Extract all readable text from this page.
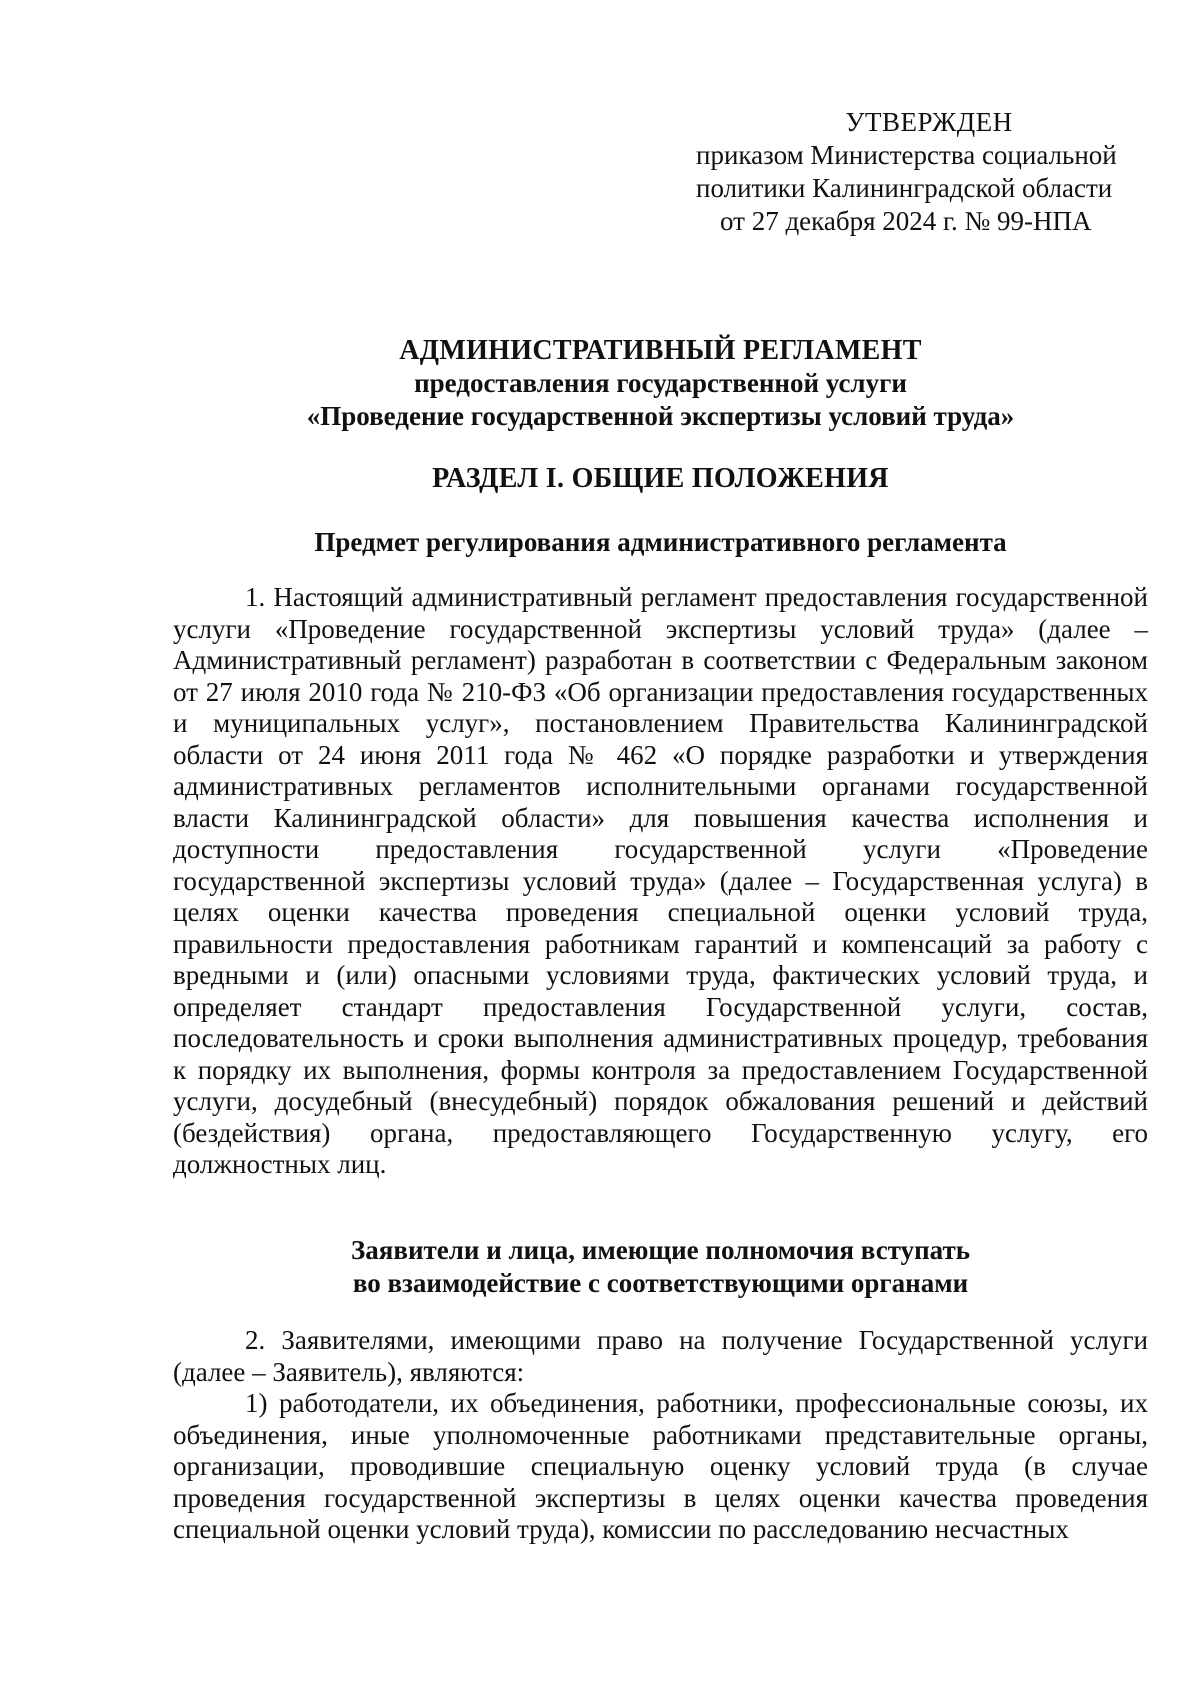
УТВЕРЖДЕН

приказом Министерства социальной

политики Калининградской области

от 27 декабря 2024 г. № 99-НПА

АДМИНИСТРАТИВНЫЙ РЕГЛАМЕНТ

предоставления государственной услуги

«Проведение государственной экспертизы условий труда»

РАЗДЕЛ I. ОБЩИЕ ПОЛОЖЕНИЯ

Предмет регулирования административного регламента

1. Настоящий административный регламент предоставления государственной услуги «Проведение государственной экспертизы условий труда» (далее – Административный регламент) разработан в соответствии с Федеральным законом от 27 июля 2010 года № 210-ФЗ «Об организации предоставления государственных и муниципальных услуг», постановлением Правительства Калининградской области от 24 июня 2011 года № 462 «О порядке разработки и утверждения административных регламентов исполнительными органами государственной власти Калининградской области» для повышения качества исполнения и доступности предоставления государственной услуги «Проведение государственной экспертизы условий труда» (далее – Государственная услуга) в целях оценки качества проведения специальной оценки условий труда, правильности предоставления работникам гарантий и компенсаций за работу с вредными и (или) опасными условиями труда, фактических условий труда, и определяет стандарт предоставления Государственной услуги, состав, последовательность и сроки выполнения административных процедур, требования к порядку их выполнения, формы контроля за предоставлением Государственной услуги, досудебный (внесудебный) порядок обжалования решений и действий (бездействия) органа, предоставляющего Государственную услугу, его должностных лиц.

Заявители и лица, имеющие полномочия вступать

во взаимодействие с соответствующими органами

2. Заявителями, имеющими право на получение Государственной услуги (далее – Заявитель), являются:

1) работодатели, их объединения, работники, профессиональные союзы, их объединения, иные уполномоченные работниками представительные органы, организации, проводившие специальную оценку условий труда (в случае проведения государственной экспертизы в целях оценки качества проведения специальной оценки условий труда), комиссии по расследованию несчастных
